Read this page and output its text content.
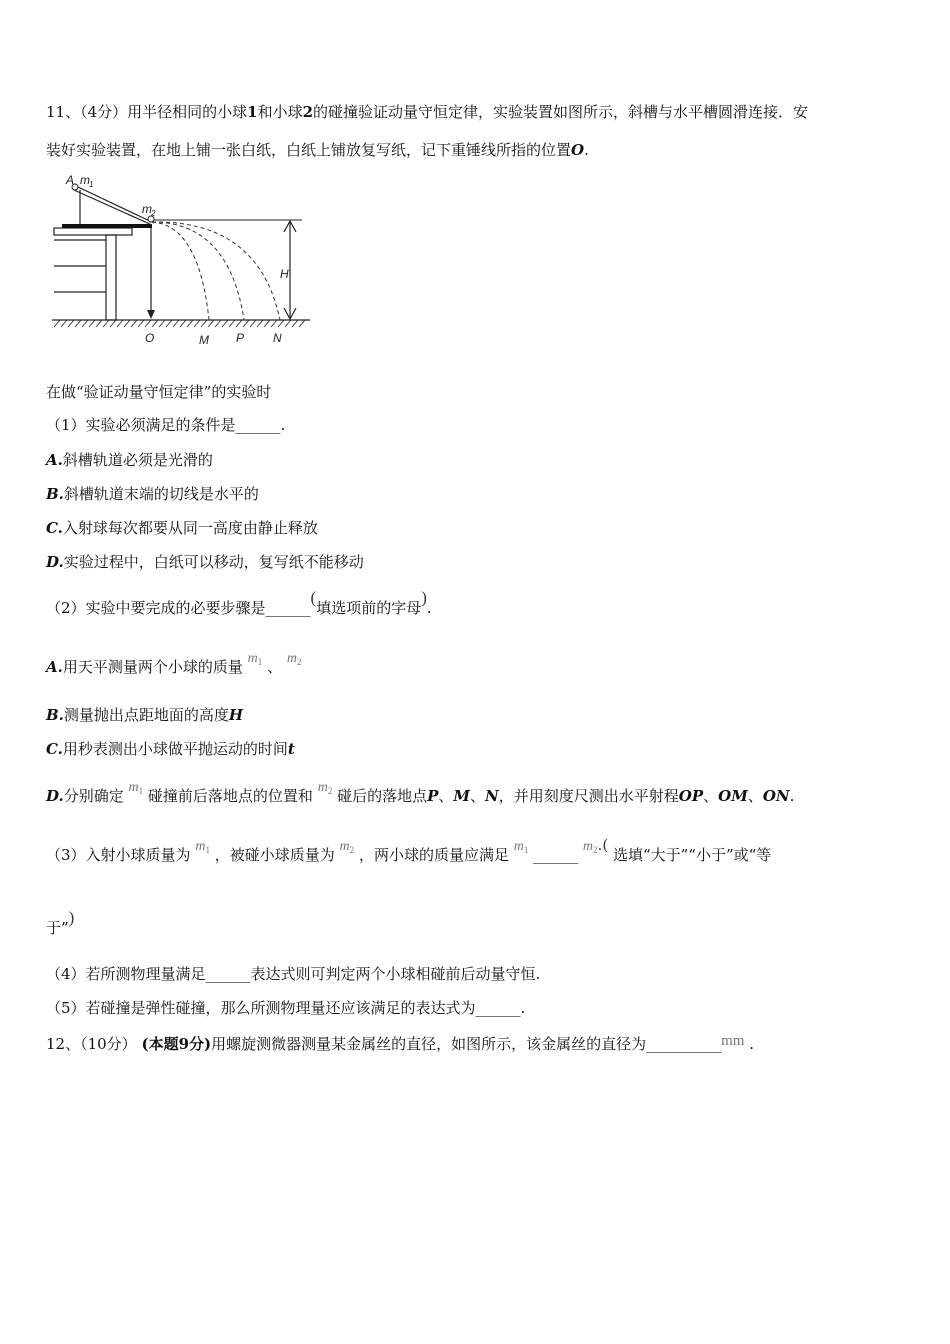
11、（4分）用半径相同的小球1和小球2的碰撞验证动量守恒定律，实验装置如图所示，斜槽与水平槽圆滑连接．安
装好实验装置，在地上铺一张白纸，白纸上铺放复写纸，记下重锤线所指的位置O.
A m 1
m 2
H
O	M P N
在做“验证动量守恒定律”的实验时
（1）实验必须满足的条件是______.
A.斜槽轨道必须是光滑的
B.斜槽轨道末端的切线是水平的
C.入射球每次都要从同一高度由静止释放
D.实验过程中，白纸可以移动，复写纸不能移动
（2）实验中要完成的必要步骤是______(填选项前的字母).
A.用天平测量两个小球的质量 $m_1$ 、 $m_2$
B.测量抛出点距地面的高度H
C.用秒表测出小球做平抛运动的时间t
D.分别确定 $m_1$ 碰撞前后落地点的位置和 $m_2$ 碰后的落地点P、M、N，并用刻度尺测出水平射程OP、OM、ON.
（3）入射小球质量为 $m_1$ ，被碰小球质量为 $m_2$ ，两小球的质量应满足 $m_1$ ______ $m_2$.( 选填“大于”“小于”或“等
于”)
（4）若所测物理量满足______表达式则可判定两个小球相碰前后动量守恒.
（5）若碰撞是弹性碰撞，那么所测物理量还应该满足的表达式为______.
12、（10分） (本题9分)用螺旋测微器测量某金属丝的直径，如图所示，该金属丝的直径为__________mm .
